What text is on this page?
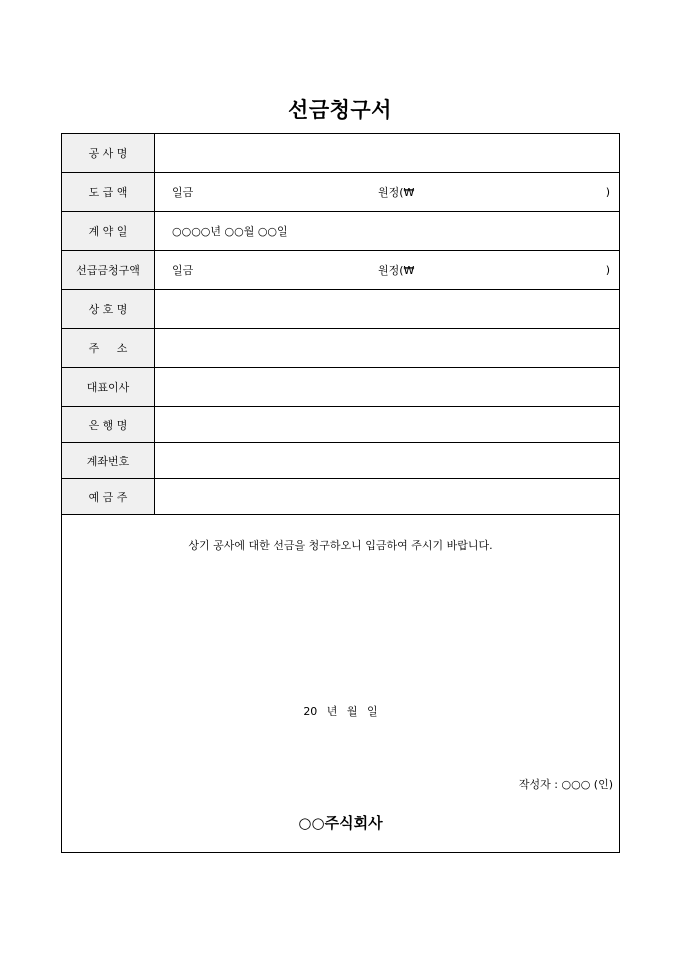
선금청구서
공 사 명	
도 급 액	일금 원정(₩ )

계 약 일	○○○○년 ○○월 ○○일
선급금청구액	일금 원정(₩ )

상 호 명	
주     소	
대표이사	
은 행 명	
계좌번호	
예 금 주	

상기 공사에 대한 선금을 청구하오니 입금하여 주시기 바랍니다.
20 년 월 일
작성자 : ○○○ (인)
○○주식회사	
